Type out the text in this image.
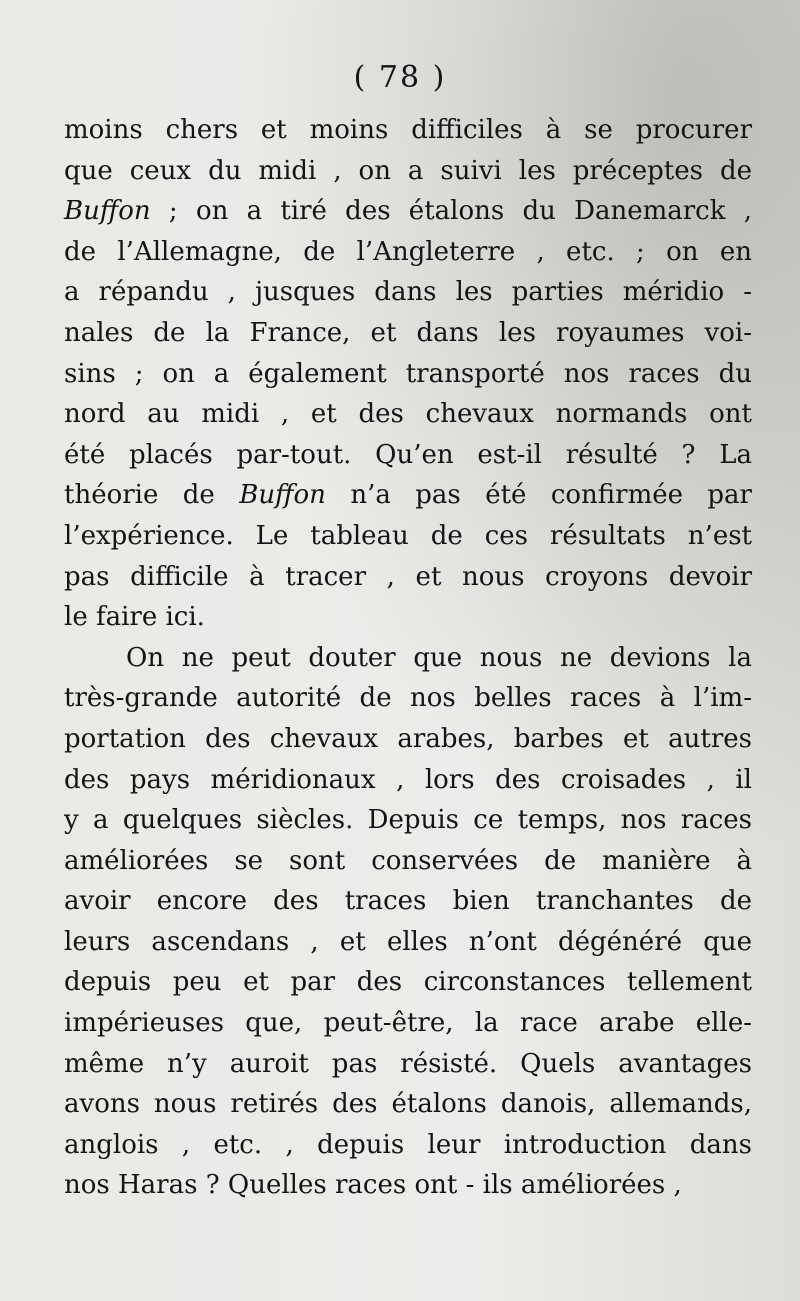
( 78 )
moins chers et moins difficiles à se procurer
que ceux du midi , on a suivi les préceptes de
Buffon ; on a tiré des étalons du Danemarck ,
de l’Allemagne, de l’Angleterre , etc. ; on en
a répandu , jusques dans les parties méridio -
nales de la France, et dans les royaumes voi-
sins ; on a également transporté nos races du
nord au midi , et des chevaux normands ont
été placés par-tout. Qu’en est-il résulté ? La
théorie de Buffon n’a pas été confirmée par
l’expérience. Le tableau de ces résultats n’est
pas difficile à tracer , et nous croyons devoir
le faire ici.
On ne peut douter que nous ne devions la
très-grande autorité de nos belles races à l’im-
portation des chevaux arabes, barbes et autres
des pays méridionaux , lors des croisades , il
y a quelques siècles. Depuis ce temps, nos races
améliorées se sont conservées de manière à
avoir encore des traces bien tranchantes de
leurs ascendans , et elles n’ont dégénéré que
depuis peu et par des circonstances tellement
impérieuses que, peut-être, la race arabe elle-
même n’y auroit pas résisté. Quels avantages
avons nous retirés des étalons danois, allemands,
anglois , etc. , depuis leur introduction dans
nos Haras ? Quelles races ont - ils améliorées ,
